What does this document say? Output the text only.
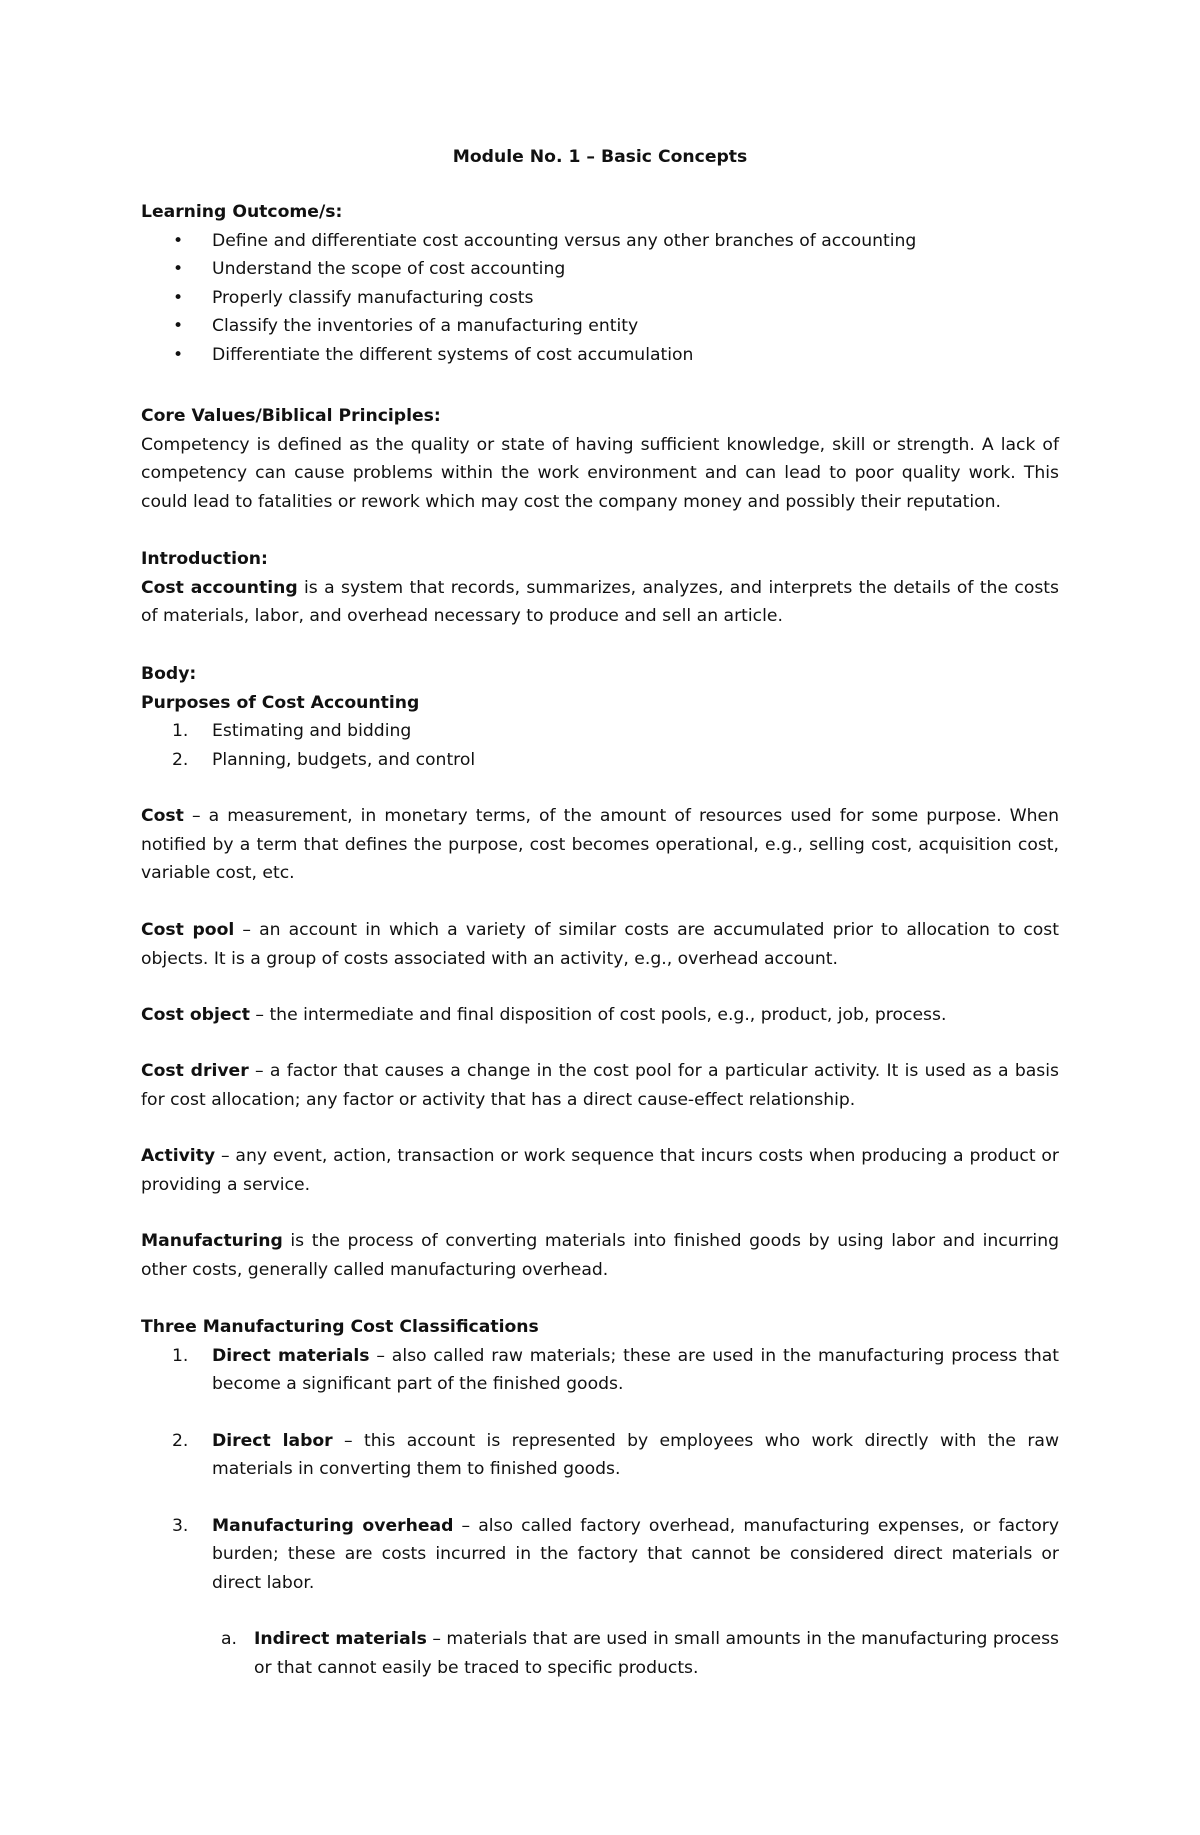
Module No. 1 – Basic Concepts

Learning Outcome/s:

• Define and differentiate cost accounting versus any other branches of accounting
• Understand the scope of cost accounting
• Properly classify manufacturing costs
• Classify the inventories of a manufacturing entity
• Differentiate the different systems of cost accumulation

Core Values/Biblical Principles:

Competency is defined as the quality or state of having sufficient knowledge, skill or strength. A lack of competency can cause problems within the work environment and can lead to poor quality work. This could lead to fatalities or rework which may cost the company money and possibly their reputation.

Introduction:

Cost accounting is a system that records, summarizes, analyzes, and interprets the details of the costs of materials, labor, and overhead necessary to produce and sell an article.

Body:

Purposes of Cost Accounting

1. Estimating and bidding
2. Planning, budgets, and control

Cost – a measurement, in monetary terms, of the amount of resources used for some purpose. When notified by a term that defines the purpose, cost becomes operational, e.g., selling cost, acquisition cost, variable cost, etc.

Cost pool – an account in which a variety of similar costs are accumulated prior to allocation to cost objects. It is a group of costs associated with an activity, e.g., overhead account.

Cost object – the intermediate and final disposition of cost pools, e.g., product, job, process.

Cost driver – a factor that causes a change in the cost pool for a particular activity. It is used as a basis for cost allocation; any factor or activity that has a direct cause-effect relationship.

Activity – any event, action, transaction or work sequence that incurs costs when producing a product or providing a service.

Manufacturing is the process of converting materials into finished goods by using labor and incurring other costs, generally called manufacturing overhead.

Three Manufacturing Cost Classifications

1. Direct materials – also called raw materials; these are used in the manufacturing process that become a significant part of the finished goods.
2. Direct labor – this account is represented by employees who work directly with the raw materials in converting them to finished goods.
3. Manufacturing overhead – also called factory overhead, manufacturing expenses, or factory burden; these are costs incurred in the factory that cannot be considered direct materials or direct labor.
a. Indirect materials – materials that are used in small amounts in the manufacturing process or that cannot easily be traced to specific products.
